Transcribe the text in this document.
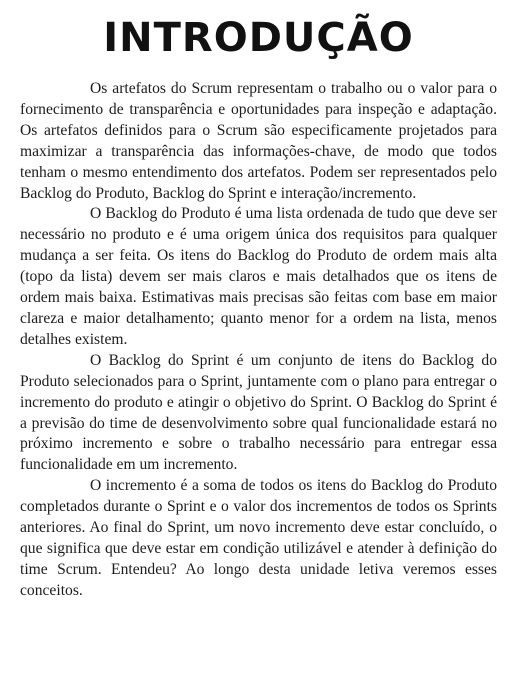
INTRODUÇÃO

Os artefatos do Scrum representam o trabalho ou o valor para o fornecimento de transparência e oportunidades para inspeção e adaptação. Os artefatos definidos para o Scrum são especificamente projetados para maximizar a transparência das informações-chave, de modo que todos tenham o mesmo entendimento dos artefatos. Podem ser representados pelo Backlog do Produto, Backlog do Sprint e interação/incremento.

O Backlog do Produto é uma lista ordenada de tudo que deve ser necessário no produto e é uma origem única dos requisitos para qualquer mudança a ser feita. Os itens do Backlog do Produto de ordem mais alta (topo da lista) devem ser mais claros e mais detalhados que os itens de ordem mais baixa. Estimativas mais precisas são feitas com base em maior clareza e maior detalhamento; quanto menor for a ordem na lista, menos detalhes existem.

O Backlog do Sprint é um conjunto de itens do Backlog do Produto selecionados para o Sprint, juntamente com o plano para entregar o incremento do produto e atingir o objetivo do Sprint. O Backlog do Sprint é a previsão do time de desenvolvimento sobre qual funcionalidade estará no próximo incremento e sobre o trabalho necessário para entregar essa funcionalidade em um incremento.

O incremento é a soma de todos os itens do Backlog do Produto completados durante o Sprint e o valor dos incrementos de todos os Sprints anteriores. Ao final do Sprint, um novo incremento deve estar concluído, o que significa que deve estar em condição utilizável e atender à definição do time Scrum. Entendeu? Ao longo desta unidade letiva veremos esses conceitos.
